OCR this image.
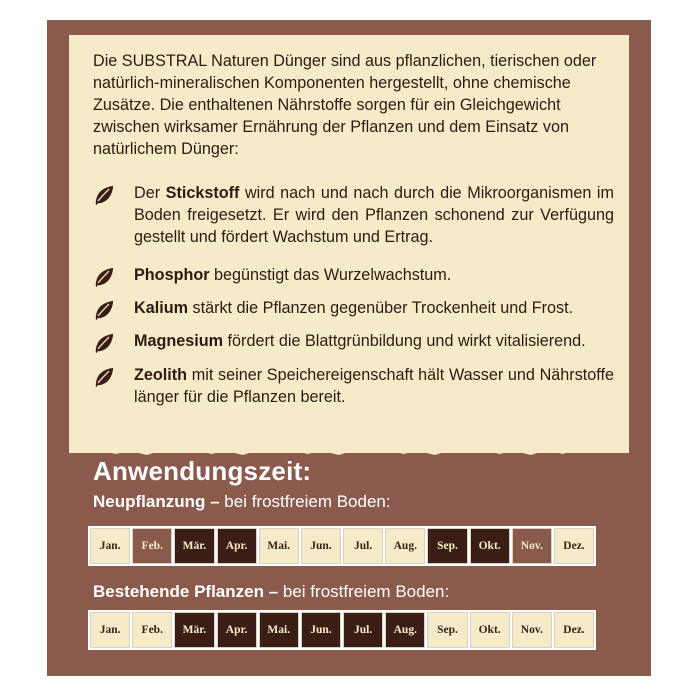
Die SUBSTRAL Naturen Dünger sind aus pflanzlichen, tierischen oder natürlich-mineralischen Komponenten hergestellt, ohne chemische Zusätze. Die enthaltenen Nährstoffe sorgen für ein Gleichgewicht zwischen wirksamer Ernährung der Pflanzen und dem Einsatz von natürlichem Dünger:

Der Stickstoff wird nach und nach durch die Mikroorganismen im Boden freigesetzt. Er wird den Pflanzen schonend zur Verfügung gestellt und fördert Wachstum und Ertrag.

Phosphor begünstigt das Wurzelwachstum.

Kalium stärkt die Pflanzen gegenüber Trockenheit und Frost.

Magnesium fördert die Blattgrünbildung und wirkt vitalisierend.

Zeolith mit seiner Speichereigenschaft hält Wasser und Nährstoffe länger für die Pflanzen bereit.

Anwendungszeit:

Neupflanzung – bei frostfreiem Boden:

Jan.	Feb.	Mär.	Apr.	Mai.	Jun.	Jul.	Aug.	Sep.	Okt.	Nov.	Dez.

Bestehende Pflanzen – bei frostfreiem Boden:

Jan.	Feb.	Mär.	Apr.	Mai.	Jun.	Jul.	Aug.	Sep.	Okt.	Nov.	Dez.
